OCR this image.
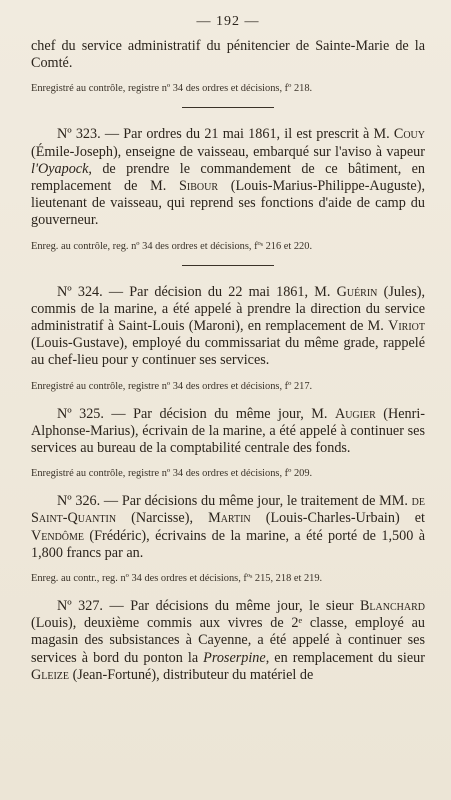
— 192 —

chef du service administratif du pénitencier de Sainte-Marie de la Comté.

Enregistré au contrôle, registre nº 34 des ordres et décisions, fº 218.

Nº 323. — Par ordres du 21 mai 1861, il est prescrit à M. Couy (Émile-Joseph), enseigne de vaisseau, embarqué sur l'aviso à vapeur l'Oyapock, de prendre le commandement de ce bâtiment, en remplacement de M. Sibour (Louis-Marius-Philippe-Auguste), lieutenant de vaisseau, qui reprend ses fonctions d'aide de camp du gouverneur.

Enreg. au contrôle, reg. nº 34 des ordres et décisions, fºˢ 216 et 220.

Nº 324. — Par décision du 22 mai 1861, M. Guérin (Jules), commis de la marine, a été appelé à prendre la direction du service administratif à Saint-Louis (Maroni), en remplacement de M. Viriot (Louis-Gustave), employé du commissariat du même grade, rappelé au chef-lieu pour y continuer ses services.

Enregistré au contrôle, registre nº 34 des ordres et décisions, fº 217.

Nº 325. — Par décision du même jour, M. Augier (Henri-Alphonse-Marius), écrivain de la marine, a été appelé à continuer ses services au bureau de la comptabilité centrale des fonds.

Enregistré au contrôle, registre nº 34 des ordres et décisions, fº 209.

Nº 326. — Par décisions du même jour, le traitement de MM. de Saint-Quantin (Narcisse), Martin (Louis-Charles-Urbain) et Vendôme (Frédéric), écrivains de la marine, a été porté de 1,500 à 1,800 francs par an.

Enreg. au contr., reg. nº 34 des ordres et décisions, fºˢ 215, 218 et 219.

Nº 327. — Par décisions du même jour, le sieur Blanchard (Louis), deuxième commis aux vivres de 2ᵉ classe, employé au magasin des subsistances à Cayenne, a été appelé à continuer ses services à bord du ponton la Proserpine, en remplacement du sieur Gleize (Jean-Fortuné), distributeur du matériel de
